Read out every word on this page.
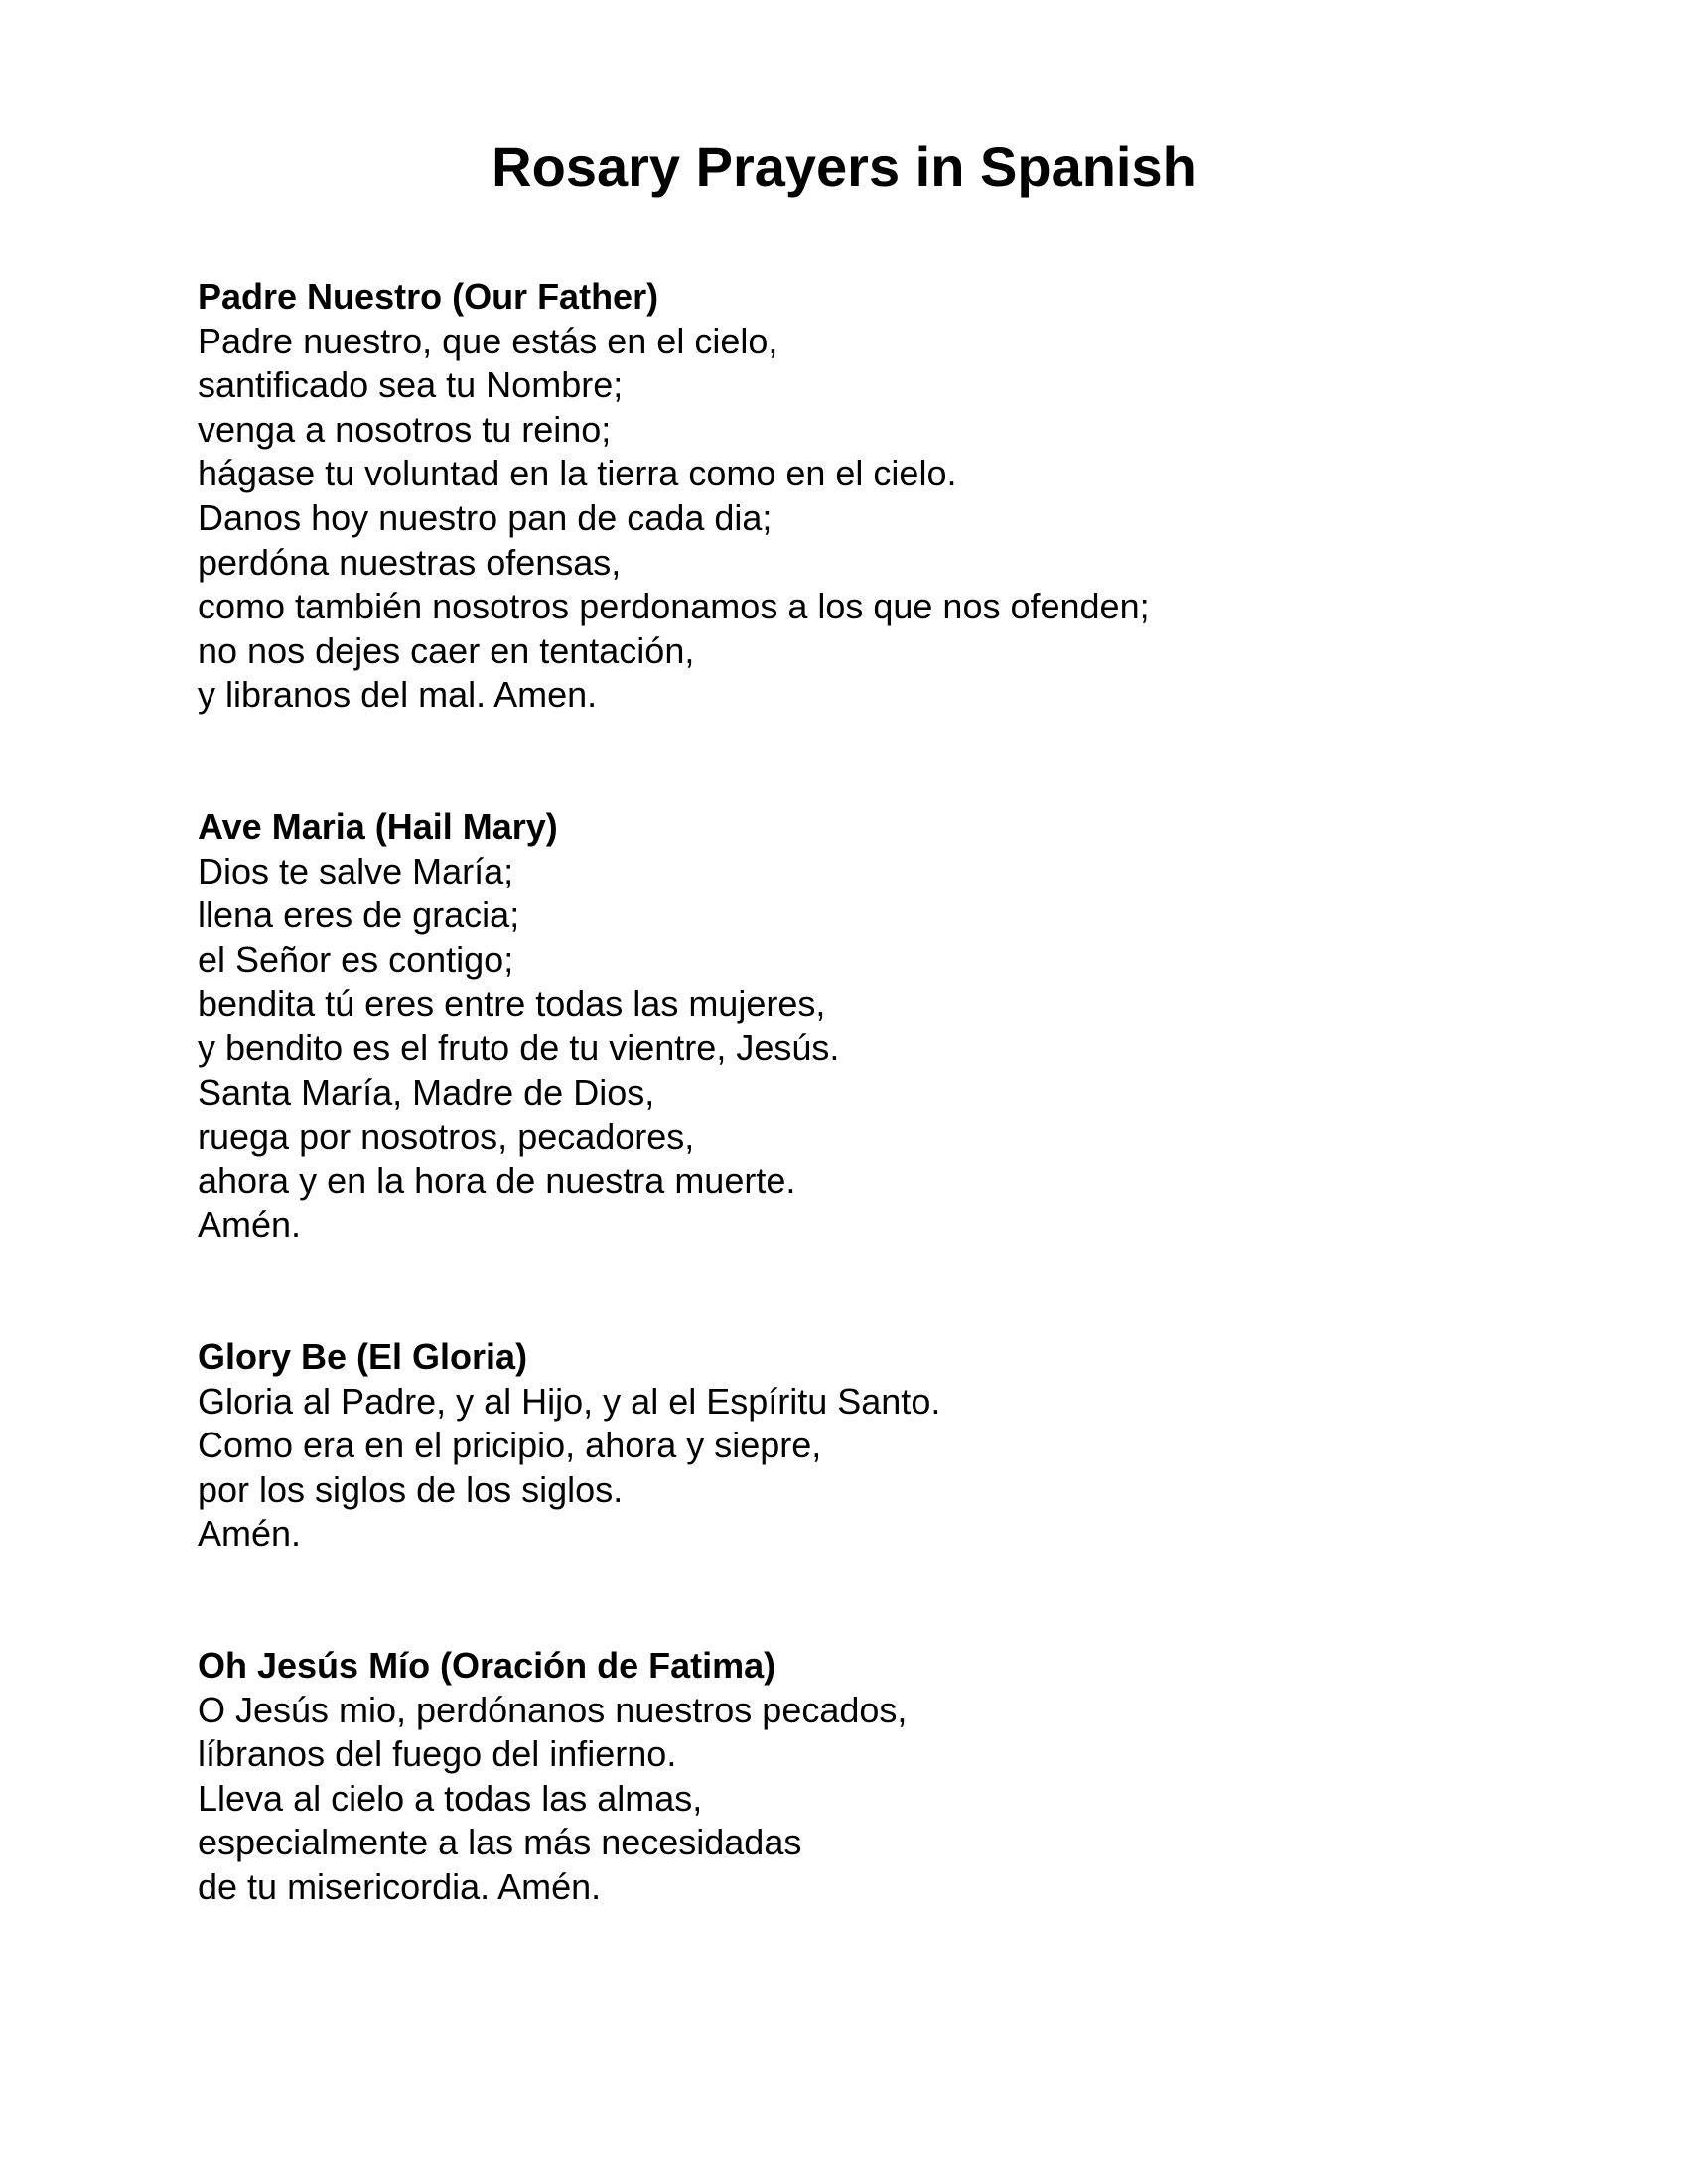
Rosary Prayers in Spanish

Padre Nuestro (Our Father)

Padre nuestro, que estás en el cielo,

santificado sea tu Nombre;

venga a nosotros tu reino;

hágase tu voluntad en la tierra como en el cielo.

Danos hoy nuestro pan de cada dia;

perdóna nuestras ofensas,

como también nosotros perdonamos a los que nos ofenden;

no nos dejes caer en tentación,

y libranos del mal. Amen.

Ave Maria (Hail Mary)

Dios te salve María;

llena eres de gracia;

el Señor es contigo;

bendita tú eres entre todas las mujeres,

y bendito es el fruto de tu vientre, Jesús.

Santa María, Madre de Dios,

ruega por nosotros, pecadores,

ahora y en la hora de nuestra muerte.

Amén.

Glory Be (El Gloria)

Gloria al Padre, y al Hijo, y al el Espíritu Santo.

Como era en el pricipio, ahora y siepre,

por los siglos de los siglos.

Amén.

Oh Jesús Mío (Oración de Fatima)

O Jesús mio, perdónanos nuestros pecados,

líbranos del fuego del infierno.

Lleva al cielo a todas las almas,

especialmente a las más necesidadas

de tu misericordia. Amén.
